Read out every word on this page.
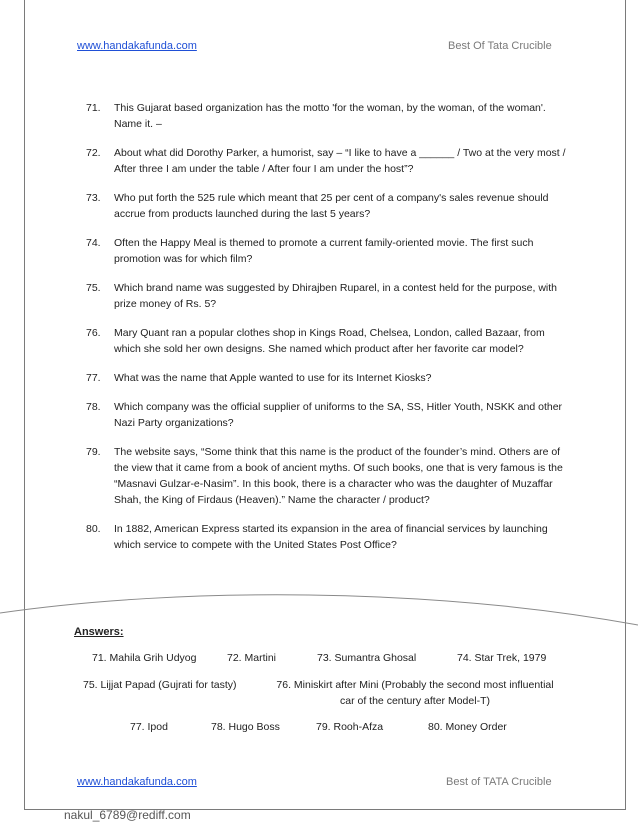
www.handakafunda.com	Best Of Tata Crucible
71. This Gujarat based organization has the motto 'for the woman, by the woman, of the woman'. Name it. –
72. About what did Dorothy Parker, a humorist, say – “I like to have a ______ / Two at the very most / After three I am under the table / After four I am under the host”?
73. Who put forth the 525 rule which meant that 25 per cent of a company's sales revenue should accrue from products launched during the last 5 years?
74. Often the Happy Meal is themed to promote a current family-oriented movie. The first such promotion was for which film?
75. Which brand name was suggested by Dhirajben Ruparel, in a contest held for the purpose, with prize money of Rs. 5?
76. Mary Quant ran a popular clothes shop in Kings Road, Chelsea, London, called Bazaar, from which she sold her own designs. She named which product after her favorite car model?
77. What was the name that Apple wanted to use for its Internet Kiosks?
78. Which company was the official supplier of uniforms to the SA, SS, Hitler Youth, NSKK and other Nazi Party organizations?
79. The website says, “Some think that this name is the product of the founder’s mind. Others are of the view that it came from a book of ancient myths. Of such books, one that is very famous is the “Masnavi Gulzar-e-Nasim”. In this book, there is a character who was the daughter of Muzaffar Shah, the King of Firdaus (Heaven).” Name the character / product?
80. In 1882, American Express started its expansion in the area of financial services by launching which service to compete with the United States Post Office?
Answers:
71. Mahila Grih Udyog	72. Martini	73. Sumantra Ghosal	74. Star Trek, 1979
75. Lijjat Papad (Gujrati for tasty)	76. Miniskirt after Mini (Probably the second most influential car of the century after Model-T)
77. Ipod	78. Hugo Boss	79. Rooh-Afza	80. Money Order
www.handakafunda.com	Best of TATA Crucible
nakul_6789@rediff.com
